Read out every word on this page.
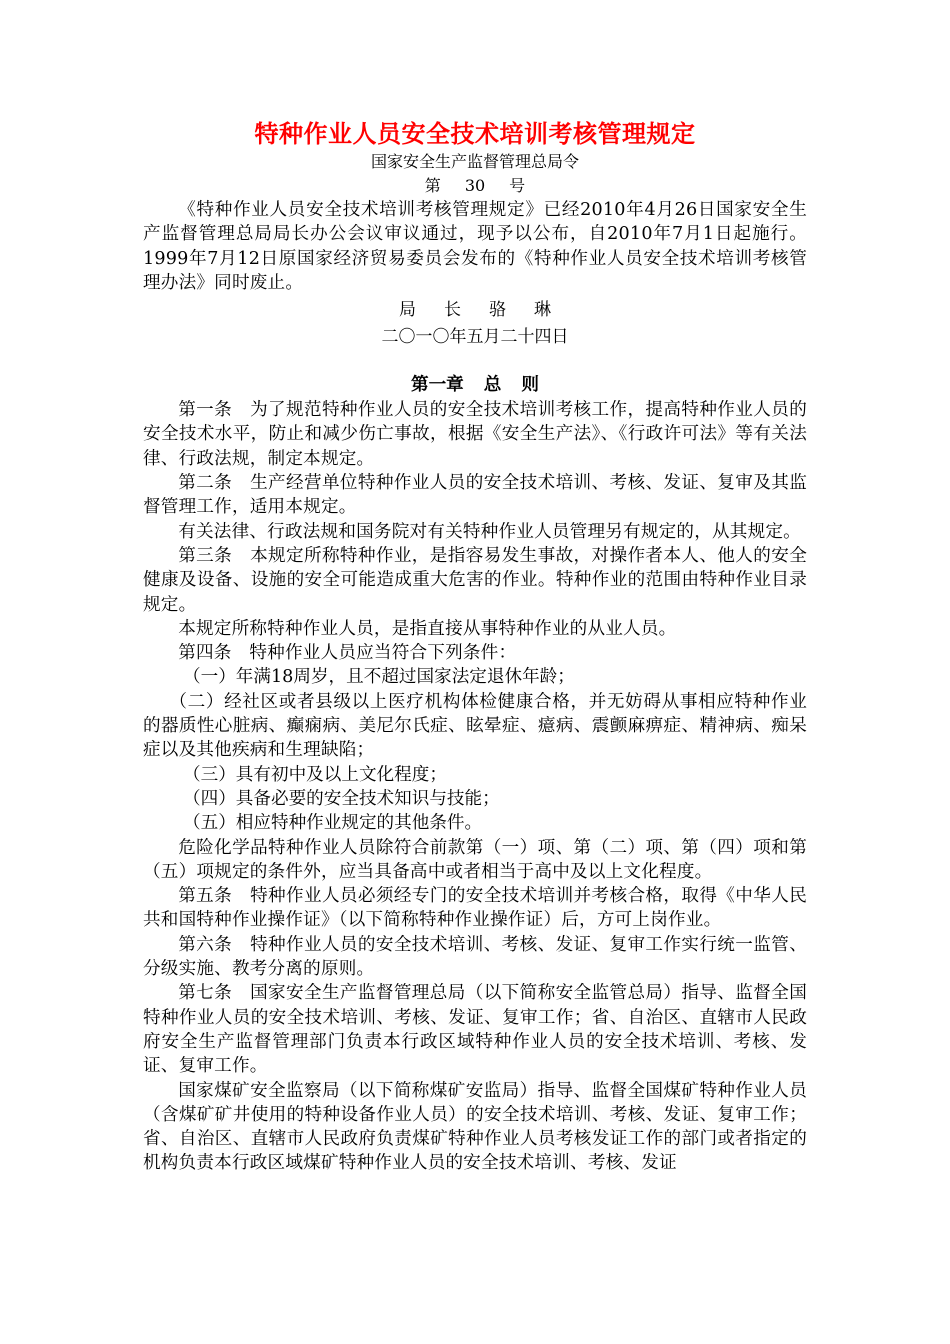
特种作业人员安全技术培训考核管理规定

国家安全生产监督管理总局令

第 30 号

《特种作业人员安全技术培训考核管理规定》已经2010年4月26日国家安全生产监督管理总局局长办公会议审议通过，现予以公布，自2010年7月1日起施行。1999年7月12日原国家经济贸易委员会发布的《特种作业人员安全技术培训考核管理办法》同时废止。

局 长 骆 琳

二〇一〇年五月二十四日

第一章 总 则

第一条　为了规范特种作业人员的安全技术培训考核工作，提高特种作业人员的安全技术水平，防止和减少伤亡事故，根据《安全生产法》、《行政许可法》等有关法律、行政法规，制定本规定。

第二条　生产经营单位特种作业人员的安全技术培训、考核、发证、复审及其监督管理工作，适用本规定。

有关法律、行政法规和国务院对有关特种作业人员管理另有规定的，从其规定。

第三条　本规定所称特种作业，是指容易发生事故，对操作者本人、他人的安全健康及设备、设施的安全可能造成重大危害的作业。特种作业的范围由特种作业目录规定。

本规定所称特种作业人员，是指直接从事特种作业的从业人员。

第四条　特种作业人员应当符合下列条件：

（一）年满18周岁，且不超过国家法定退休年龄；

（二）经社区或者县级以上医疗机构体检健康合格，并无妨碍从事相应特种作业的器质性心脏病、癫痫病、美尼尔氏症、眩晕症、癔病、震颤麻痹症、精神病、痴呆症以及其他疾病和生理缺陷；

（三）具有初中及以上文化程度；

（四）具备必要的安全技术知识与技能；

（五）相应特种作业规定的其他条件。

危险化学品特种作业人员除符合前款第（一）项、第（二）项、第（四）项和第（五）项规定的条件外，应当具备高中或者相当于高中及以上文化程度。

第五条　特种作业人员必须经专门的安全技术培训并考核合格，取得《中华人民共和国特种作业操作证》（以下简称特种作业操作证）后，方可上岗作业。

第六条　特种作业人员的安全技术培训、考核、发证、复审工作实行统一监管、分级实施、教考分离的原则。

第七条　国家安全生产监督管理总局（以下简称安全监管总局）指导、监督全国特种作业人员的安全技术培训、考核、发证、复审工作；省、自治区、直辖市人民政府安全生产监督管理部门负责本行政区域特种作业人员的安全技术培训、考核、发证、复审工作。

国家煤矿安全监察局（以下简称煤矿安监局）指导、监督全国煤矿特种作业人员（含煤矿矿井使用的特种设备作业人员）的安全技术培训、考核、发证、复审工作；省、自治区、直辖市人民政府负责煤矿特种作业人员考核发证工作的部门或者指定的机构负责本行政区域煤矿特种作业人员的安全技术培训、考核、发证
